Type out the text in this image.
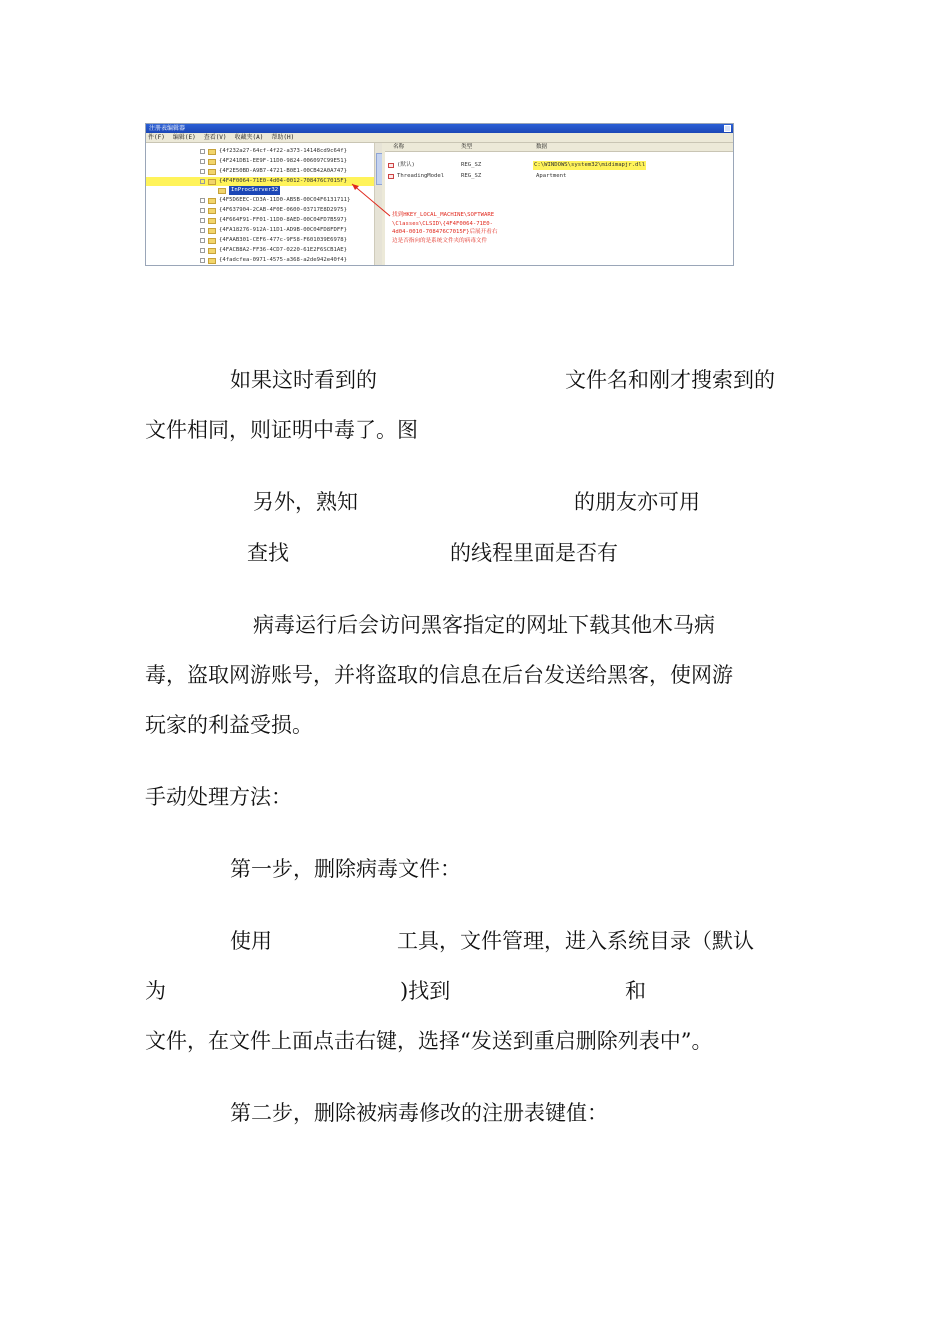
注册表编辑器
件(F) 编辑(E) 查看(V) 收藏夹(A) 帮助(H)
{4f232a27-64cf-4f22-a373-14148cd9c64f}
{4F241DB1-EE9F-11D0-9824-006097C99E51}
{4F2E50BD-A9B7-4721-B0E1-00CB42A0A747}
{4F4F0064-71E0-4d04-0012-708476C7015F}
InProcServer32
{4F5D6EEC-CD3A-11D0-AB5B-00C04F6131711}
{4F637904-2CAB-4F0E-0600-03717E8D2975}
{4F664F91-FF01-11D0-8AED-00C04FD7B597}
{4FA18276-912A-11D1-AD9B-00C04FD8FDFF}
{4FAAB301-CEF6-477c-9F58-F601039E6978}
{4FACB8A2-FF36-4CD7-0220-61E2F6SCB1AE}
{4fadcfea-0971-4575-a368-a2de942e40f4}
名称	类型	数据
(默认)	REG_SZ	C:\WINDOWS\system32\midimapjr.dll
ThreadingModel	REG_SZ	Apartment
找到HKEY_LOCAL_MACHINE\SOFTWARE
\Classes\CLSID\{4F4F0064-71E0-
4d04-0010-708476C7015F}后展开看右
边是否指向的是系统文件夹的病毒文件
如果这时看到的	文件名和刚才搜索到的
文件相同，则证明中毒了。图
另外，熟知	的朋友亦可用
查找	的线程里面是否有
病毒运行后会访问黑客指定的网址下载其他木马病
毒，盗取网游账号，并将盗取的信息在后台发送给黑客，使网游
玩家的利益受损。
手动处理方法：
第一步，删除病毒文件：
使用	工具，文件管理，进入系统目录（默认
为	)找到	和
文件，在文件上面点击右键，选择“发送到重启删除列表中”。
第二步，删除被病毒修改的注册表键值：
